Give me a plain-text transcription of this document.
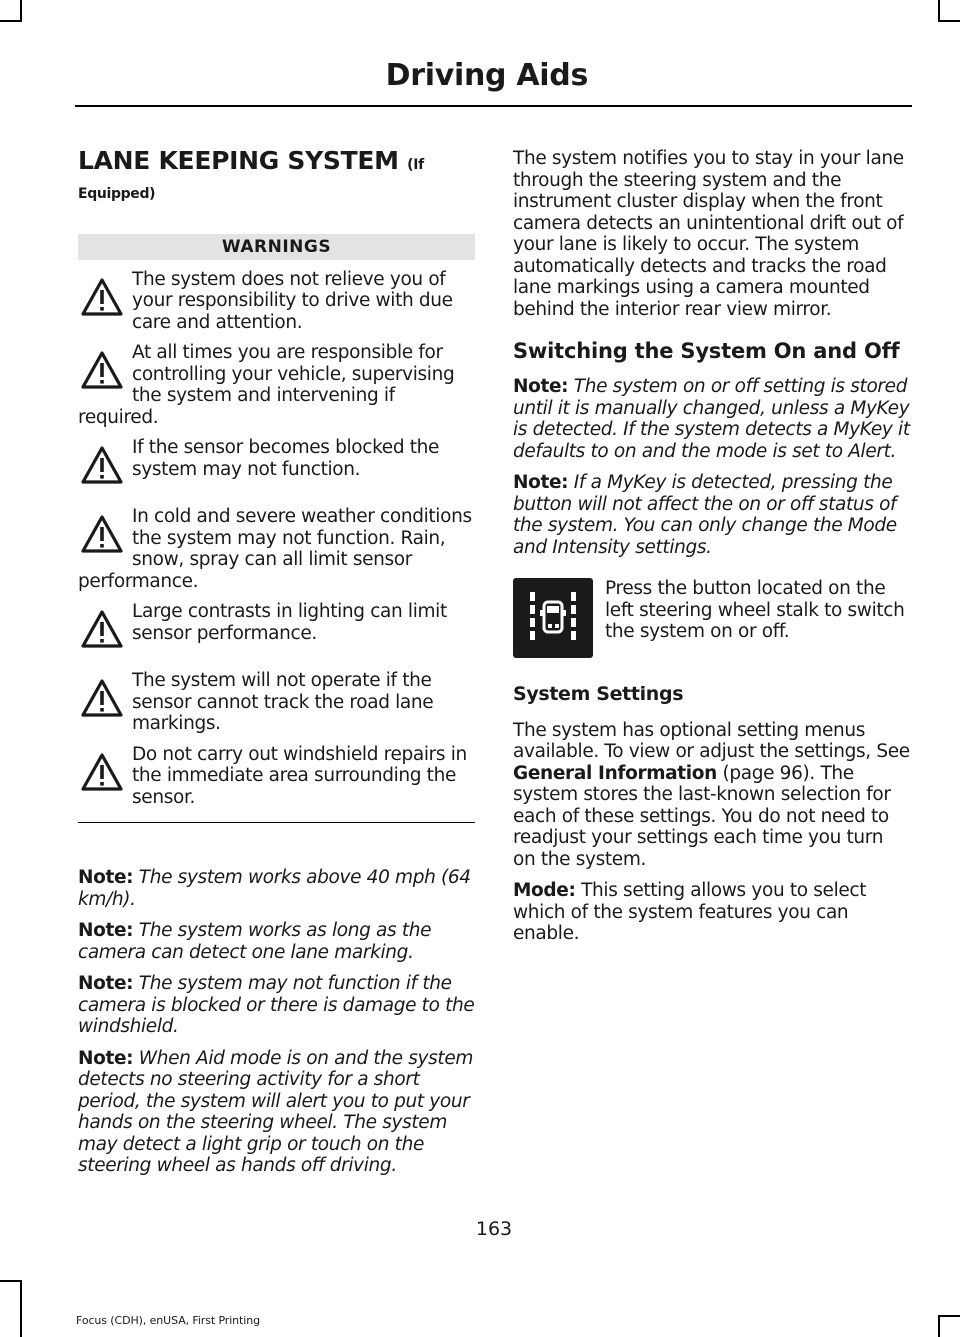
Driving Aids
LANE KEEPING SYSTEM (If
Equipped)
WARNINGS
The system does not relieve you of your responsibility to drive with due care and attention.
At all times you are responsible for controlling your vehicle, supervising the system and intervening if required.
If the sensor becomes blocked the system may not function.
In cold and severe weather conditions the system may not function. Rain, snow, spray can all limit sensor performance.
Large contrasts in lighting can limit sensor performance.
The system will not operate if the sensor cannot track the road lane markings.
Do not carry out windshield repairs in the immediate area surrounding the sensor.
Note: The system works above 40 mph (64 km/h).
Note: The system works as long as the camera can detect one lane marking.
Note: The system may not function if the camera is blocked or there is damage to the windshield.
Note: When Aid mode is on and the system detects no steering activity for a short period, the system will alert you to put your hands on the steering wheel. The system may detect a light grip or touch on the steering wheel as hands off driving.

The system notifies you to stay in your lane through the steering system and the instrument cluster display when the front camera detects an unintentional drift out of your lane is likely to occur. The system automatically detects and tracks the road lane markings using a camera mounted behind the interior rear view mirror.

Switching the System On and Off
Note: The system on or off setting is stored until it is manually changed, unless a MyKey is detected. If the system detects a MyKey it defaults to on and the mode is set to Alert.
Note: If a MyKey is detected, pressing the button will not affect the on or off status of the system. You can only change the Mode and Intensity settings.
Press the button located on the left steering wheel stalk to switch the system on or off.
System Settings

The system has optional setting menus available. To view or adjust the settings, See General Information (page 96). The system stores the last-known selection for each of these settings. You do not need to readjust your settings each time you turn on the system.

Mode: This setting allows you to select which of the system features you can enable.

163
Focus (CDH), enUSA, First Printing
